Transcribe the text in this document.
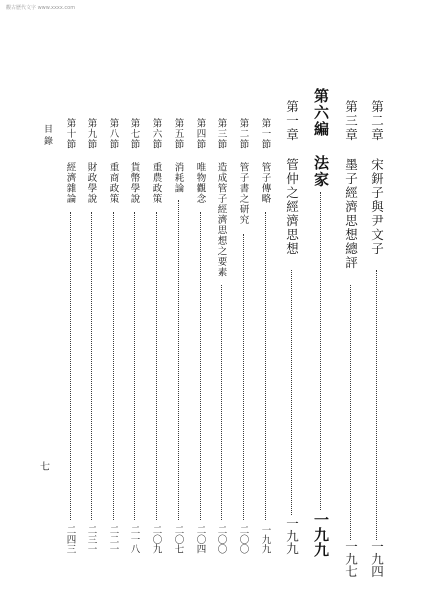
觀古歷代文字 www.xxxx.com
目錄
七
第二章
宋鈃子與尹文子
一九四
第三章
墨子經濟思想總評
一九七
第六編
法家
一九九
第一章
管仲之經濟思想
一九九
第一節
管子傳略
一九九
第二節
管子書之研究
二〇〇
第三節
造成管子經濟思想之要素
二〇〇
第四節
唯物觀念
二〇四
第五節
消耗論
二〇七
第六節
重農政策
二〇九
第七節
貨幣學說
二一八
第八節
重商政策
二二一
第九節
財政學說
二三一
第十節
經濟雜論
二四三
